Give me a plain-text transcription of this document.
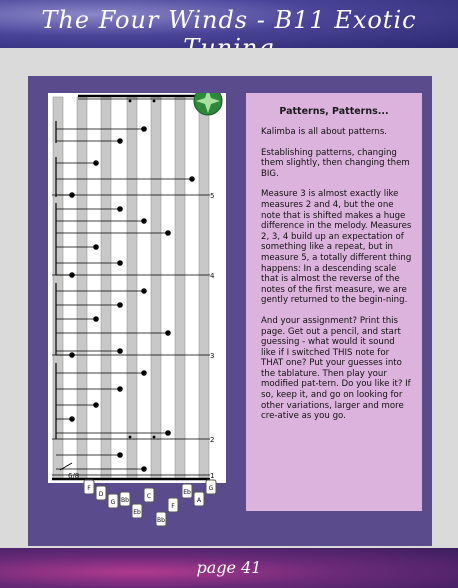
The Four Winds - B11 Exotic
5
4
3
2
1
6/8
F
D
G Bb
Eb
C
Bb
F
Eb
A
G
Patterns, Patterns...

Kalimba is all about patterns.

Establishing patterns, changing them slightly, then changing them BIG.

Measure 3 is almost exactly like measures 2 and 4, but the one note that is shifted makes a huge difference in the melody. Measures 2, 3, 4 build up an expectation of something like a repeat, but in measure 5, a totally different thing happens: In a descending scale that is almost the reverse of the notes of the first measure, we are gently returned to the begin-ning.

And your assignment? Print this page. Get out a pencil, and start guessing - what would it sound like if I switched THIS note for THAT one? Put your guesses into the tablature. Then play your modified pat-tern. Do you like it? If so, keep it, and go on looking for other variations, larger and more cre-ative as you go.

page 41
